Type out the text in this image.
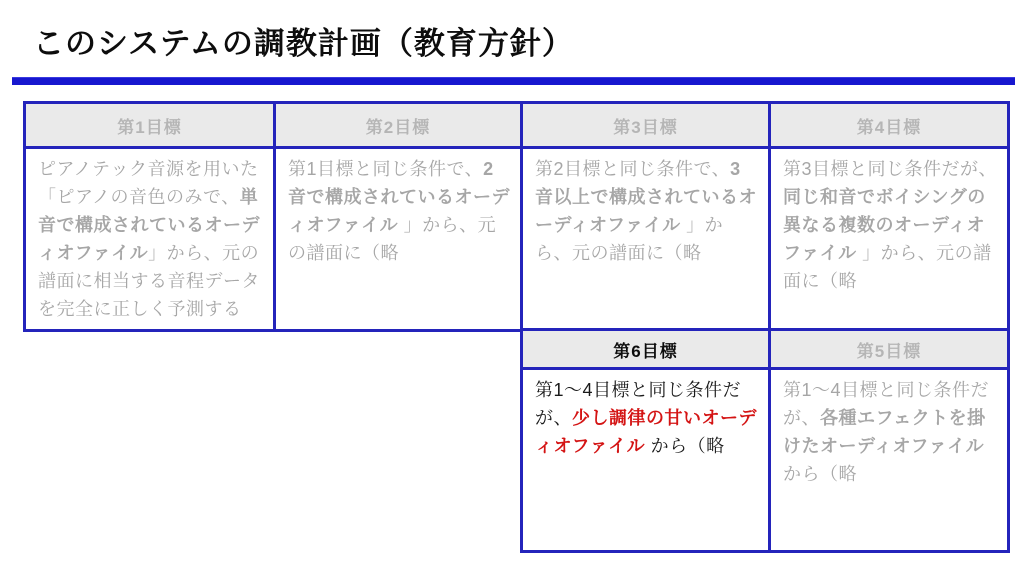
このシステムの調教計画（教育方針）
第1目標	第2目標	第3目標	第4目標
ピアノテック音源を用いた「ピアノの音色のみで、単音で構成されているオーディオファイル」から、元の譜面に相当する音程データを完全に正しく予測する	第1目標と同じ条件で、2音で構成されているオーディオファイル 」から、元の譜面に（略	第2目標と同じ条件で、3音以上で構成されているオーディオファイル 」から、元の譜面に（略	第3目標と同じ条件だが、同じ和音でボイシングの異なる複数のオーディオファイル 」から、元の譜面に（略
第6目標	第5目標
第1～4目標と同じ条件だが、少し調律の甘いオーディオファイル から（略	第1～4目標と同じ条件だが、各種エフェクトを掛けたオーディオファイル から（略
